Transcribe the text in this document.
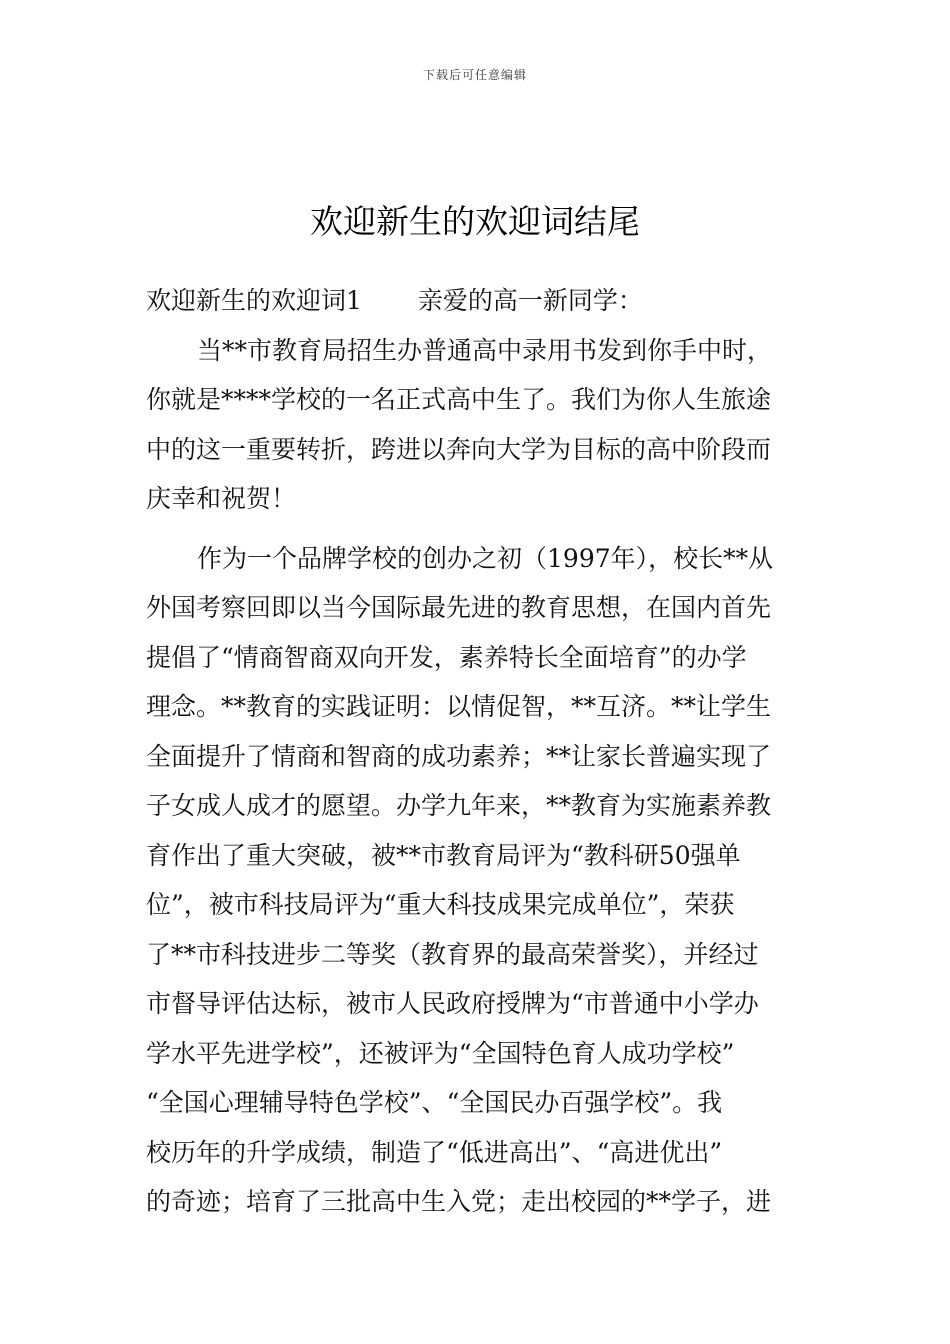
下载后可任意编辑
欢迎新生的欢迎词结尾
欢迎新生的欢迎词1 亲爱的高一新同学：
当**市教育局招生办普通高中录用书发到你手中时，
你就是****学校的一名正式高中生了。我们为你人生旅途
中的这一重要转折，跨进以奔向大学为目标的高中阶段而
庆幸和祝贺！
作为一个品牌学校的创办之初（1997年），校长**从
外国考察回即以当今国际最先进的教育思想，在国内首先
提倡了“情商智商双向开发，素养特长全面培育”的办学
理念。**教育的实践证明：以情促智，**互济。**让学生
全面提升了情商和智商的成功素养；**让家长普遍实现了
子女成人成才的愿望。办学九年来，**教育为实施素养教
育作出了重大突破，被**市教育局评为“教科研50强单
位”，被市科技局评为“重大科技成果完成单位”，荣获
了**市科技进步二等奖（教育界的最高荣誉奖），并经过
市督导评估达标，被市人民政府授牌为“市普通中小学办
学水平先进学校”，还被评为“全国特色育人成功学校”
“全国心理辅导特色学校”、“全国民办百强学校”。我
校历年的升学成绩，制造了“低进高出”、“高进优出”
的奇迹；培育了三批高中生入党；走出校园的**学子，进
